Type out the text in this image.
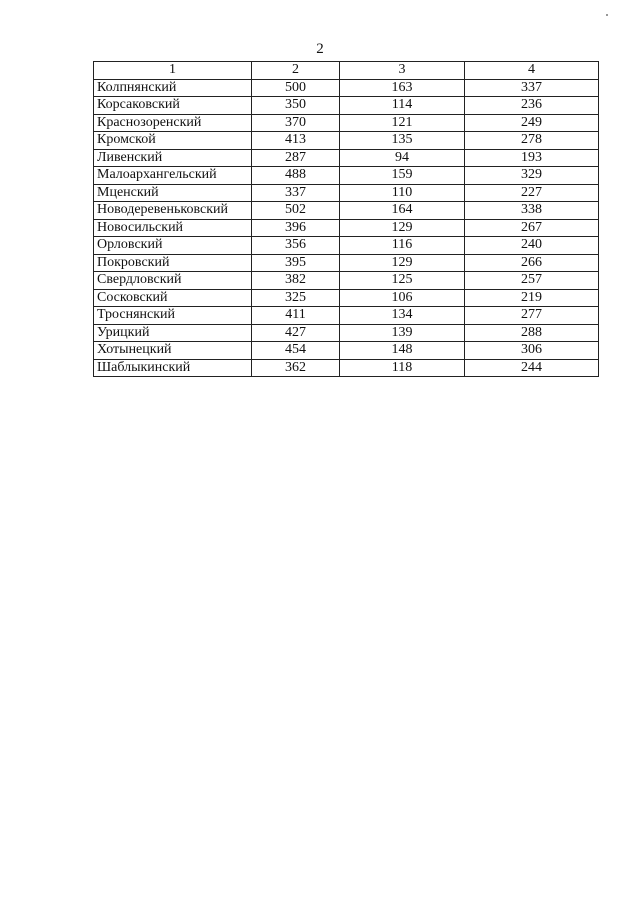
2
1	2	3	4
Колпнянский	500	163	337
Корсаковский	350	114	236
Краснозоренский	370	121	249
Кромской	413	135	278
Ливенский	287	94	193
Малоархангельский	488	159	329
Мценский	337	110	227
Новодеревеньковский	502	164	338
Новосильский	396	129	267
Орловский	356	116	240
Покровский	395	129	266
Свердловский	382	125	257
Сосковский	325	106	219
Троснянский	411	134	277
Урицкий	427	139	288
Хотынецкий	454	148	306
Шаблыкинский	362	118	244
